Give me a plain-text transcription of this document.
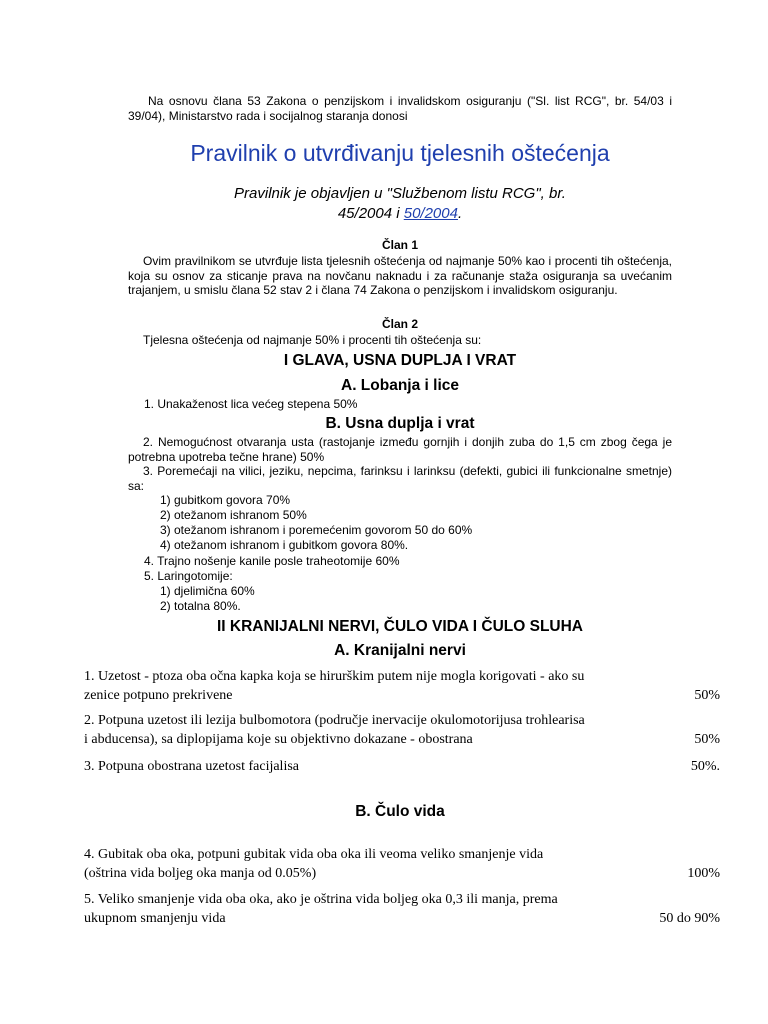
Na osnovu člana 53 Zakona o penzijskom i invalidskom osiguranju ("Sl. list RCG", br. 54/03 i
39/04), Ministarstvo rada i socijalnog staranja donosi
Pravilnik o utvrđivanju tjelesnih oštećenja
Pravilnik je objavljen u "Službenom listu RCG", br.
45/2004 i 50/2004.
Član 1
Ovim pravilnikom se utvrđuje lista tjelesnih oštećenja od najmanje 50% kao i procenti tih oštećenja, koja su osnov za sticanje prava na novčanu naknadu i za računanje staža osiguranja sa uvećanim trajanjem, u smislu člana 52 stav 2 i člana 74 Zakona o penzijskom i invalidskom osiguranju.
Član 2
Tjelesna oštećenja od najmanje 50% i procenti tih oštećenja su:
I GLAVA, USNA DUPLJA I VRAT
A. Lobanja i lice
1. Unakaženost lica većeg stepena 50%
B. Usna duplja i vrat
2. Nemogućnost otvaranja usta (rastojanje između gornjih i donjih zuba do 1,5 cm zbog čega je potrebna upotreba tečne hrane) 50%
3. Poremećaji na vilici, jeziku, nepcima, farinksu i larinksu (defekti, gubici ili funkcionalne smetnje) sa:
1) gubitkom govora 70%
2) otežanom ishranom 50%
3) otežanom ishranom i poremećenim govorom 50 do 60%
4) otežanom ishranom i gubitkom govora 80%.
4. Trajno nošenje kanile posle traheotomije 60%
5. Laringotomije:
1) djelimična 60%
2) totalna 80%.
II KRANIJALNI NERVI, ČULO VIDA I ČULO SLUHA
A. Kranijalni nervi
1. Uzetost - ptoza oba očna kapka koja se hirurškim putem nije mogla korigovati - ako su
zenice potpuno prekrivene	50%
2. Potpuna uzetost ili lezija bulbomotora (područje inervacije okulomotorijusa trohlearisa
i abducensa), sa diplopijama koje su objektivno dokazane - obostrana	50%
3. Potpuna obostrana uzetost facijalisa	50%.
B. Čulo vida
4. Gubitak oba oka, potpuni gubitak vida oba oka ili veoma veliko smanjenje vida
(oštrina vida boljeg oka manja od 0.05%)	100%
5. Veliko smanjenje vida oba oka, ako je oštrina vida boljeg oka 0,3 ili manja, prema
ukupnom smanjenju vida	50 do 90%
